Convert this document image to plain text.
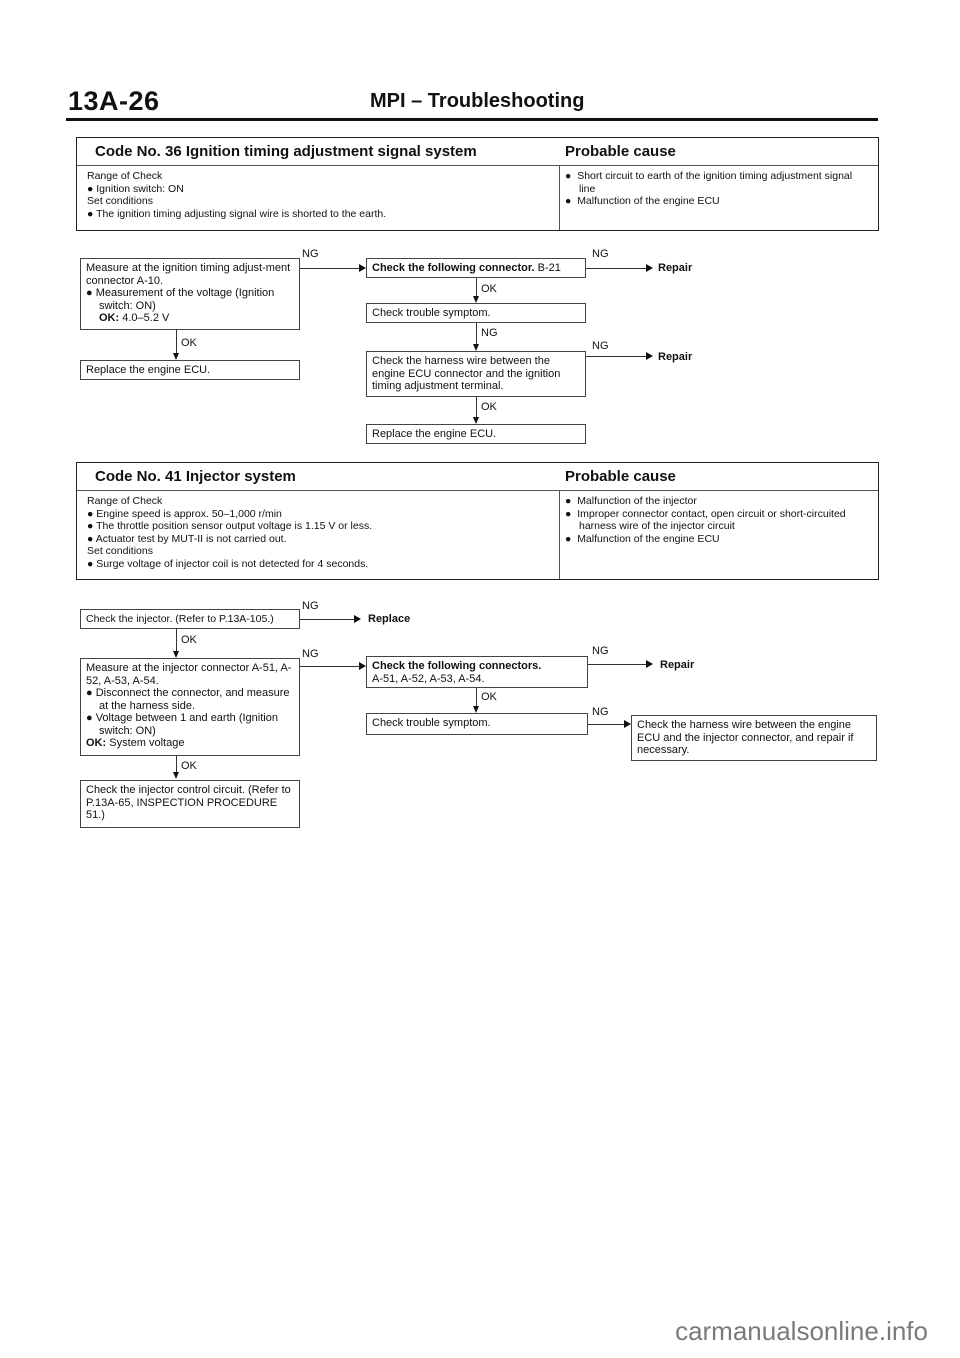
13A-26	MPI – Troubleshooting
Code No. 36 Ignition timing adjustment signal system	Probable cause
Range of Check
● Ignition switch: ON
Set conditions
● The ignition timing adjusting signal wire is shorted to the earth.
●  Short circuit to earth of the ignition timing adjustment signal line
●  Malfunction of the engine ECU
Measure at the ignition timing adjust-ment connector A-10.
● Measurement of the voltage (Ignition switch: ON)
OK: 4.0–5.2 V
Replace the engine ECU.
Check the following connector. B-21
Check trouble symptom.
Check the harness wire between the engine ECU connector and the ignition timing adjustment terminal.
Replace the engine ECU.
NG	NG
Repair
OK
NG
NG
Repair
OK
OK
Code No. 41 Injector system	Probable cause
Range of Check
● Engine speed is approx. 50–1,000 r/min
● The throttle position sensor output voltage is 1.15 V or less.
● Actuator test by MUT-II is not carried out.
Set conditions
● Surge voltage of injector coil is not detected for 4 seconds.
●  Malfunction of the injector
●  Improper connector contact, open circuit or short-circuited harness wire of the injector circuit
●  Malfunction of the engine ECU
Check the injector. (Refer to P.13A-105.)
NG
Replace
OK
Measure at the injector connector A-51, A-52, A-53, A-54.
● Disconnect the connector, and measure at the harness side.
● Voltage between 1 and earth (Ignition switch: ON)
OK: System voltage
NG
Check the following connectors.
A-51, A-52, A-53, A-54.
NG
Repair
OK
Check trouble symptom.
NG
Check the harness wire between the engine ECU and the injector connector, and repair if necessary.
OK
Check the injector control circuit. (Refer to P.13A-65, INSPECTION PROCEDURE 51.)
carmanualsonline.info
